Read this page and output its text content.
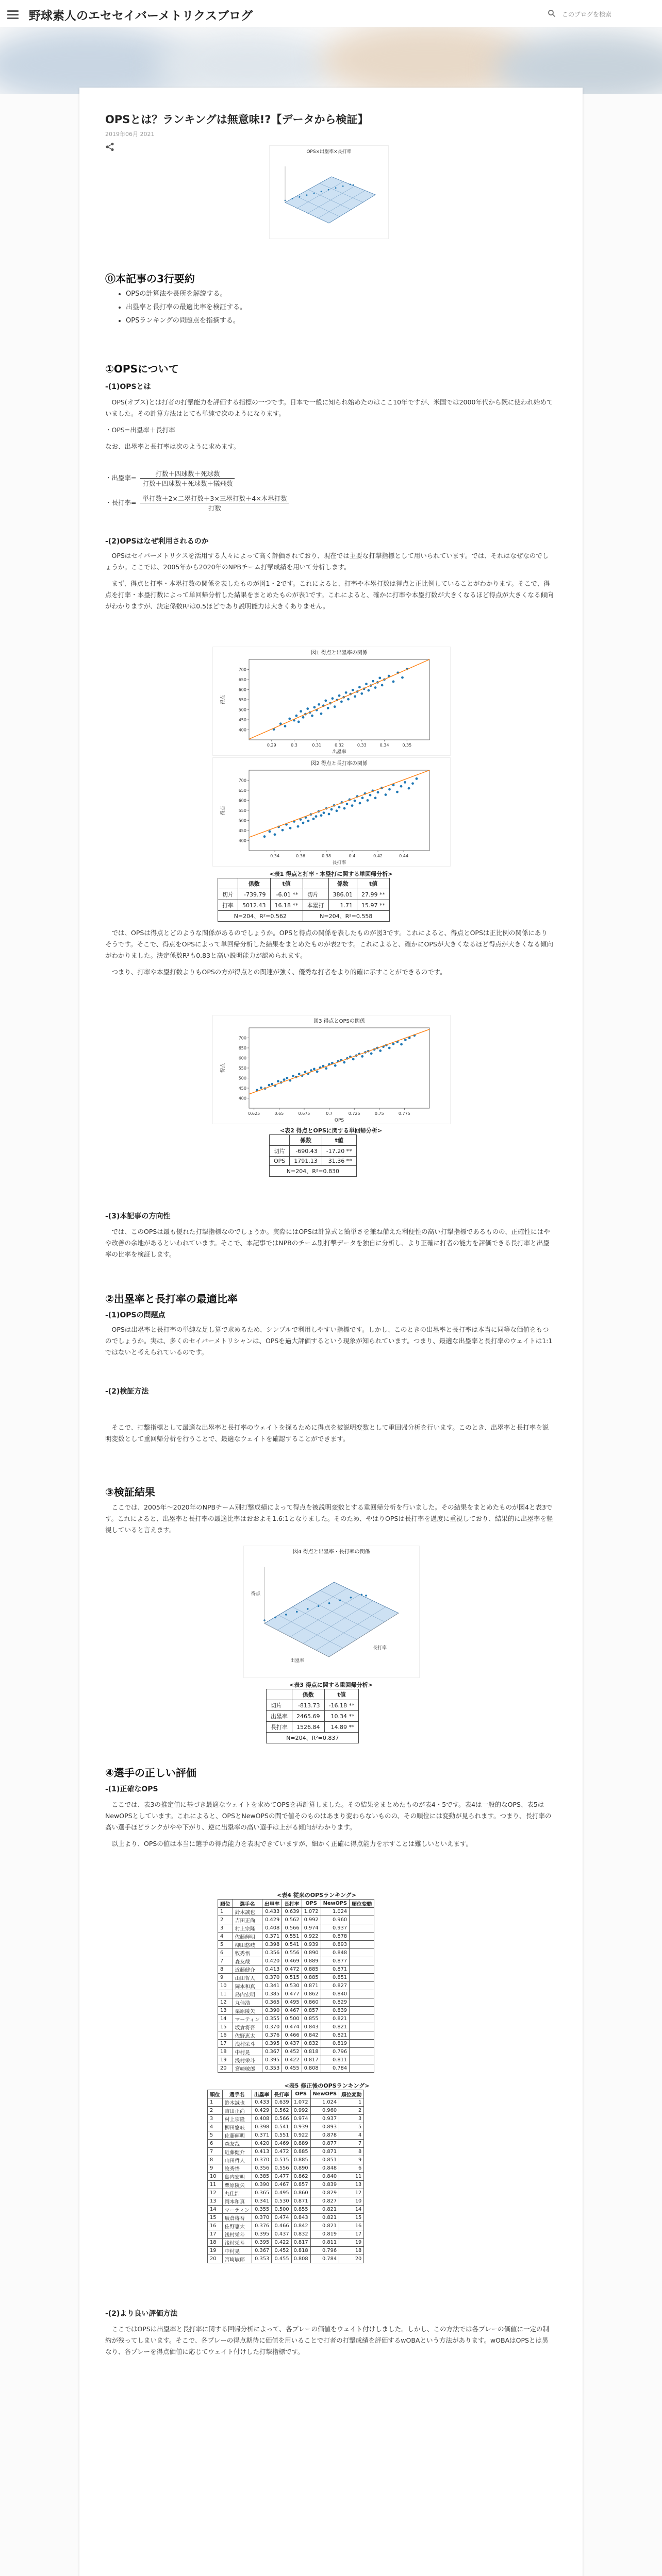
野球素人のエセセイバーメトリクスブログ	このブログを検索
OPSとは？ランキングは無意味!?【データから検証】
2019年06月 2021
OPS×出塁率×長打率
⓪本記事の3行要約
• OPSの計算法や長所を解説する。
• 出塁率と長打率の最適比率を検証する。
• OPSランキングの問題点を指摘する。
①OPSについて
-(1)OPSとは
　OPS(オプス)とは打者の打撃能力を評価する指標の一つです。日本で一般に知られ始めたのはここ10年ですが、米国では2000年代から既に使われ始めていました。その計算方法はとても単純で次のようになります。
・OPS=出塁率＋長打率
なお、出塁率と長打率は次のように求めます。
・出塁率=
打数＋四球数＋死球数
打数＋四球数＋死球数＋犠飛数
・長打率=
単打数＋2×二塁打数＋3×三塁打数＋4×本塁打数
打数
-(2)OPSはなぜ利用されるのか
　OPSはセイバーメトリクスを活用する人々によって高く評価されており、現在では主要な打撃指標として用いられています。では、それはなぜなのでしょうか。ここでは、2005年から2020年のNPBチーム打撃成績を用いて分析します。
　まず、得点と打率・本塁打数の関係を表したものが図1・2です。これによると、打率や本塁打数は得点と正比例していることがわかります。そこで、得点を打率・本塁打数によって単回帰分析した結果をまとめたものが表1です。これによると、確かに打率や本塁打数が大きくなるほど得点が大きくなる傾向がわかりますが、決定係数R²は0.5ほどであり説明能力は大きくありません。
図1 得点と出塁率の関係
0.29	0.3	0.31	0.32	0.33	0.34	0.35
400
450
500
550
600
650
700
出塁率
得点
図2 得点と長打率の関係
0.34	0.36	0.38	0.4	0.42	0.44
400
450
500
550
600
650
700
長打率
得点
<表1 得点と打率・本塁打に関する単回帰分析>
	係数	t値		係数	t値
切片	-739.79	-6.01 **	切片	386.01	27.99 **
打率	5012.43	16.18 **	本塁打	1.71	15.97 **
N=204、R²=0.562			N=204、R²=0.558		
　では、OPSは得点とどのような関係があるのでしょうか。OPSと得点の関係を表したものが図3です。これによると、得点とOPSは正比例の関係にありそうです。そこで、得点をOPSによって単回帰分析した結果をまとめたものが表2です。これによると、確かにOPSが大きくなるほど得点が大きくなる傾向がわかりました。決定係数R²も0.83と高い説明能力が認められます。
　つまり、打率や本塁打数よりもOPSの方が得点との関連が強く、優秀な打者をより的確に示すことができるのです。
図3 得点とOPSの関係
0.625	0.65	0.675	0.7	0.725	0.75	0.775
400
450
500
550
600
650
700
OPS
得点
<表2 得点とOPSに関する単回帰分析>
	係数	t値
切片	-690.43	-17.20 **
OPS	1791.13	31.36 **
N=204、R²=0.830		
-(3)本記事の方向性
　では、このOPSは最も優れた打撃指標なのでしょうか。実際にはOPSは計算式と簡単さを兼ね備えた利便性の高い打撃指標であるものの、正確性にはやや改善の余地があるといわれています。そこで、本記事ではNPBのチーム別打撃データを独自に分析し、より正確に打者の能力を評価できる長打率と出塁率の比率を検証します。
②出塁率と長打率の最適比率
-(1)OPSの問題点
　OPSは出塁率と長打率の単純な足し算で求めるため、シンプルで利用しやすい指標です。しかし、このときの出塁率と長打率は本当に同等な価値をもつのでしょうか。実は、多くのセイバーメトリシャンは、OPSを過大評価するという現象が知られています。つまり、最適な出塁率と長打率のウェイトは1:1ではないと考えられているのです。
-(2)検証方法
　そこで、打撃指標として最適な出塁率と長打率のウェイトを探るために得点を被説明変数として重回帰分析を行います。このとき、出塁率と長打率を説明変数として重回帰分析を行うことで、最適なウェイトを確認することができます。
③検証結果
　ここでは、2005年～2020年のNPBチーム別打撃成績によって得点を被説明変数とする重回帰分析を行いました。その結果をまとめたものが図4と表3です。これによると、出塁率と長打率の最適比率はおおよそ1.6:1となりました。そのため、やはりOPSは長打率を過度に重視しており、結果的に出塁率を軽視していると言えます。
図4 得点と出塁率・長打率の関係
出塁率
長打率
得点
<表3 得点に関する重回帰分析>
	係数	t値
切片	-813.73	-16.18 **
出塁率	2465.69	10.34 **
長打率	1526.84	14.89 **
N=204、R²=0.837		
④選手の正しい評価
-(1)正確なOPS
　ここでは、表3の推定値に基づき最適なウェイトを求めてOPSを再計算しました。その結果をまとめたものが表4・5です。表4は一般的なOPS、表5はNewOPSとしています。これによると、OPSとNewOPSの間で値そのものはあまり変わらないものの、その順位には変動が見られます。つまり、長打率の高い選手ほどランクがやや下がり、逆に出塁率の高い選手は上がる傾向がわかります。
　以上より、OPSの値は本当に選手の得点能力を表現できていますが、細かく正確に得点能力を示すことは難しいといえます。
<表4 従来のOPSランキング>
順位	選手名	出塁率	長打率	OPS	NewOPS	順位変動
1	鈴木誠也	0.433	0.639	1.072	1.024	
2	吉田正尚	0.429	0.562	0.992	0.960	
3	村上宗隆	0.408	0.566	0.974	0.937	
4	佐藤輝明	0.371	0.551	0.922	0.878	
5	柳田悠岐	0.398	0.541	0.939	0.893	
6	牧秀悟	0.356	0.556	0.890	0.848	
7	森友哉	0.420	0.469	0.889	0.877	
8	近藤健介	0.413	0.472	0.885	0.871	
9	山田哲人	0.370	0.515	0.885	0.851	
10	岡本和真	0.341	0.530	0.871	0.827	
11	島内宏明	0.385	0.477	0.862	0.840	
12	丸佳浩	0.365	0.495	0.860	0.829	
13	栗原陵矢	0.390	0.467	0.857	0.839	
14	マーティン	0.355	0.500	0.855	0.821	
15	坂倉将吾	0.370	0.474	0.843	0.821	
16	佐野恵太	0.376	0.466	0.842	0.821	
17	浅村栄斗	0.395	0.437	0.832	0.819	
18	中村晃	0.367	0.452	0.818	0.796	
19	浅村栄斗	0.395	0.422	0.817	0.811	
20	宮崎敏郎	0.353	0.455	0.808	0.784	
<表5 修正後のOPSランキング>
順位	選手名	出塁率	長打率	OPS	NewOPS	順位変動
1	鈴木誠也	0.433	0.639	1.072	1.024	1
2	吉田正尚	0.429	0.562	0.992	0.960	2
3	村上宗隆	0.408	0.566	0.974	0.937	3
4	柳田悠岐	0.398	0.541	0.939	0.893	5
5	佐藤輝明	0.371	0.551	0.922	0.878	4
6	森友哉	0.420	0.469	0.889	0.877	7
7	近藤健介	0.413	0.472	0.885	0.871	8
8	山田哲人	0.370	0.515	0.885	0.851	9
9	牧秀悟	0.356	0.556	0.890	0.848	6
10	島内宏明	0.385	0.477	0.862	0.840	11
11	栗原陵矢	0.390	0.467	0.857	0.839	13
12	丸佳浩	0.365	0.495	0.860	0.829	12
13	岡本和真	0.341	0.530	0.871	0.827	10
14	マーティン	0.355	0.500	0.855	0.821	14
15	坂倉将吾	0.370	0.474	0.843	0.821	15
16	佐野恵太	0.376	0.466	0.842	0.821	16
17	浅村栄斗	0.395	0.437	0.832	0.819	17
18	浅村栄斗	0.395	0.422	0.817	0.811	19
19	中村晃	0.367	0.452	0.818	0.796	18
20	宮崎敏郎	0.353	0.455	0.808	0.784	20
-(2)より良い評価方法
　ここではOPSは出塁率と長打率に関する回帰分析によって、各プレーの価値をウェイト付けしました。しかし、この方法では各プレーの価値に一定の制約が残ってしまいます。そこで、各プレーの得点期待に価値を用いることで打者の打撃成績を評価するwOBAという方法があります。wOBAはOPSとは異なり、各プレーを得点価値に応じてウェイト付けした打撃指標です。
